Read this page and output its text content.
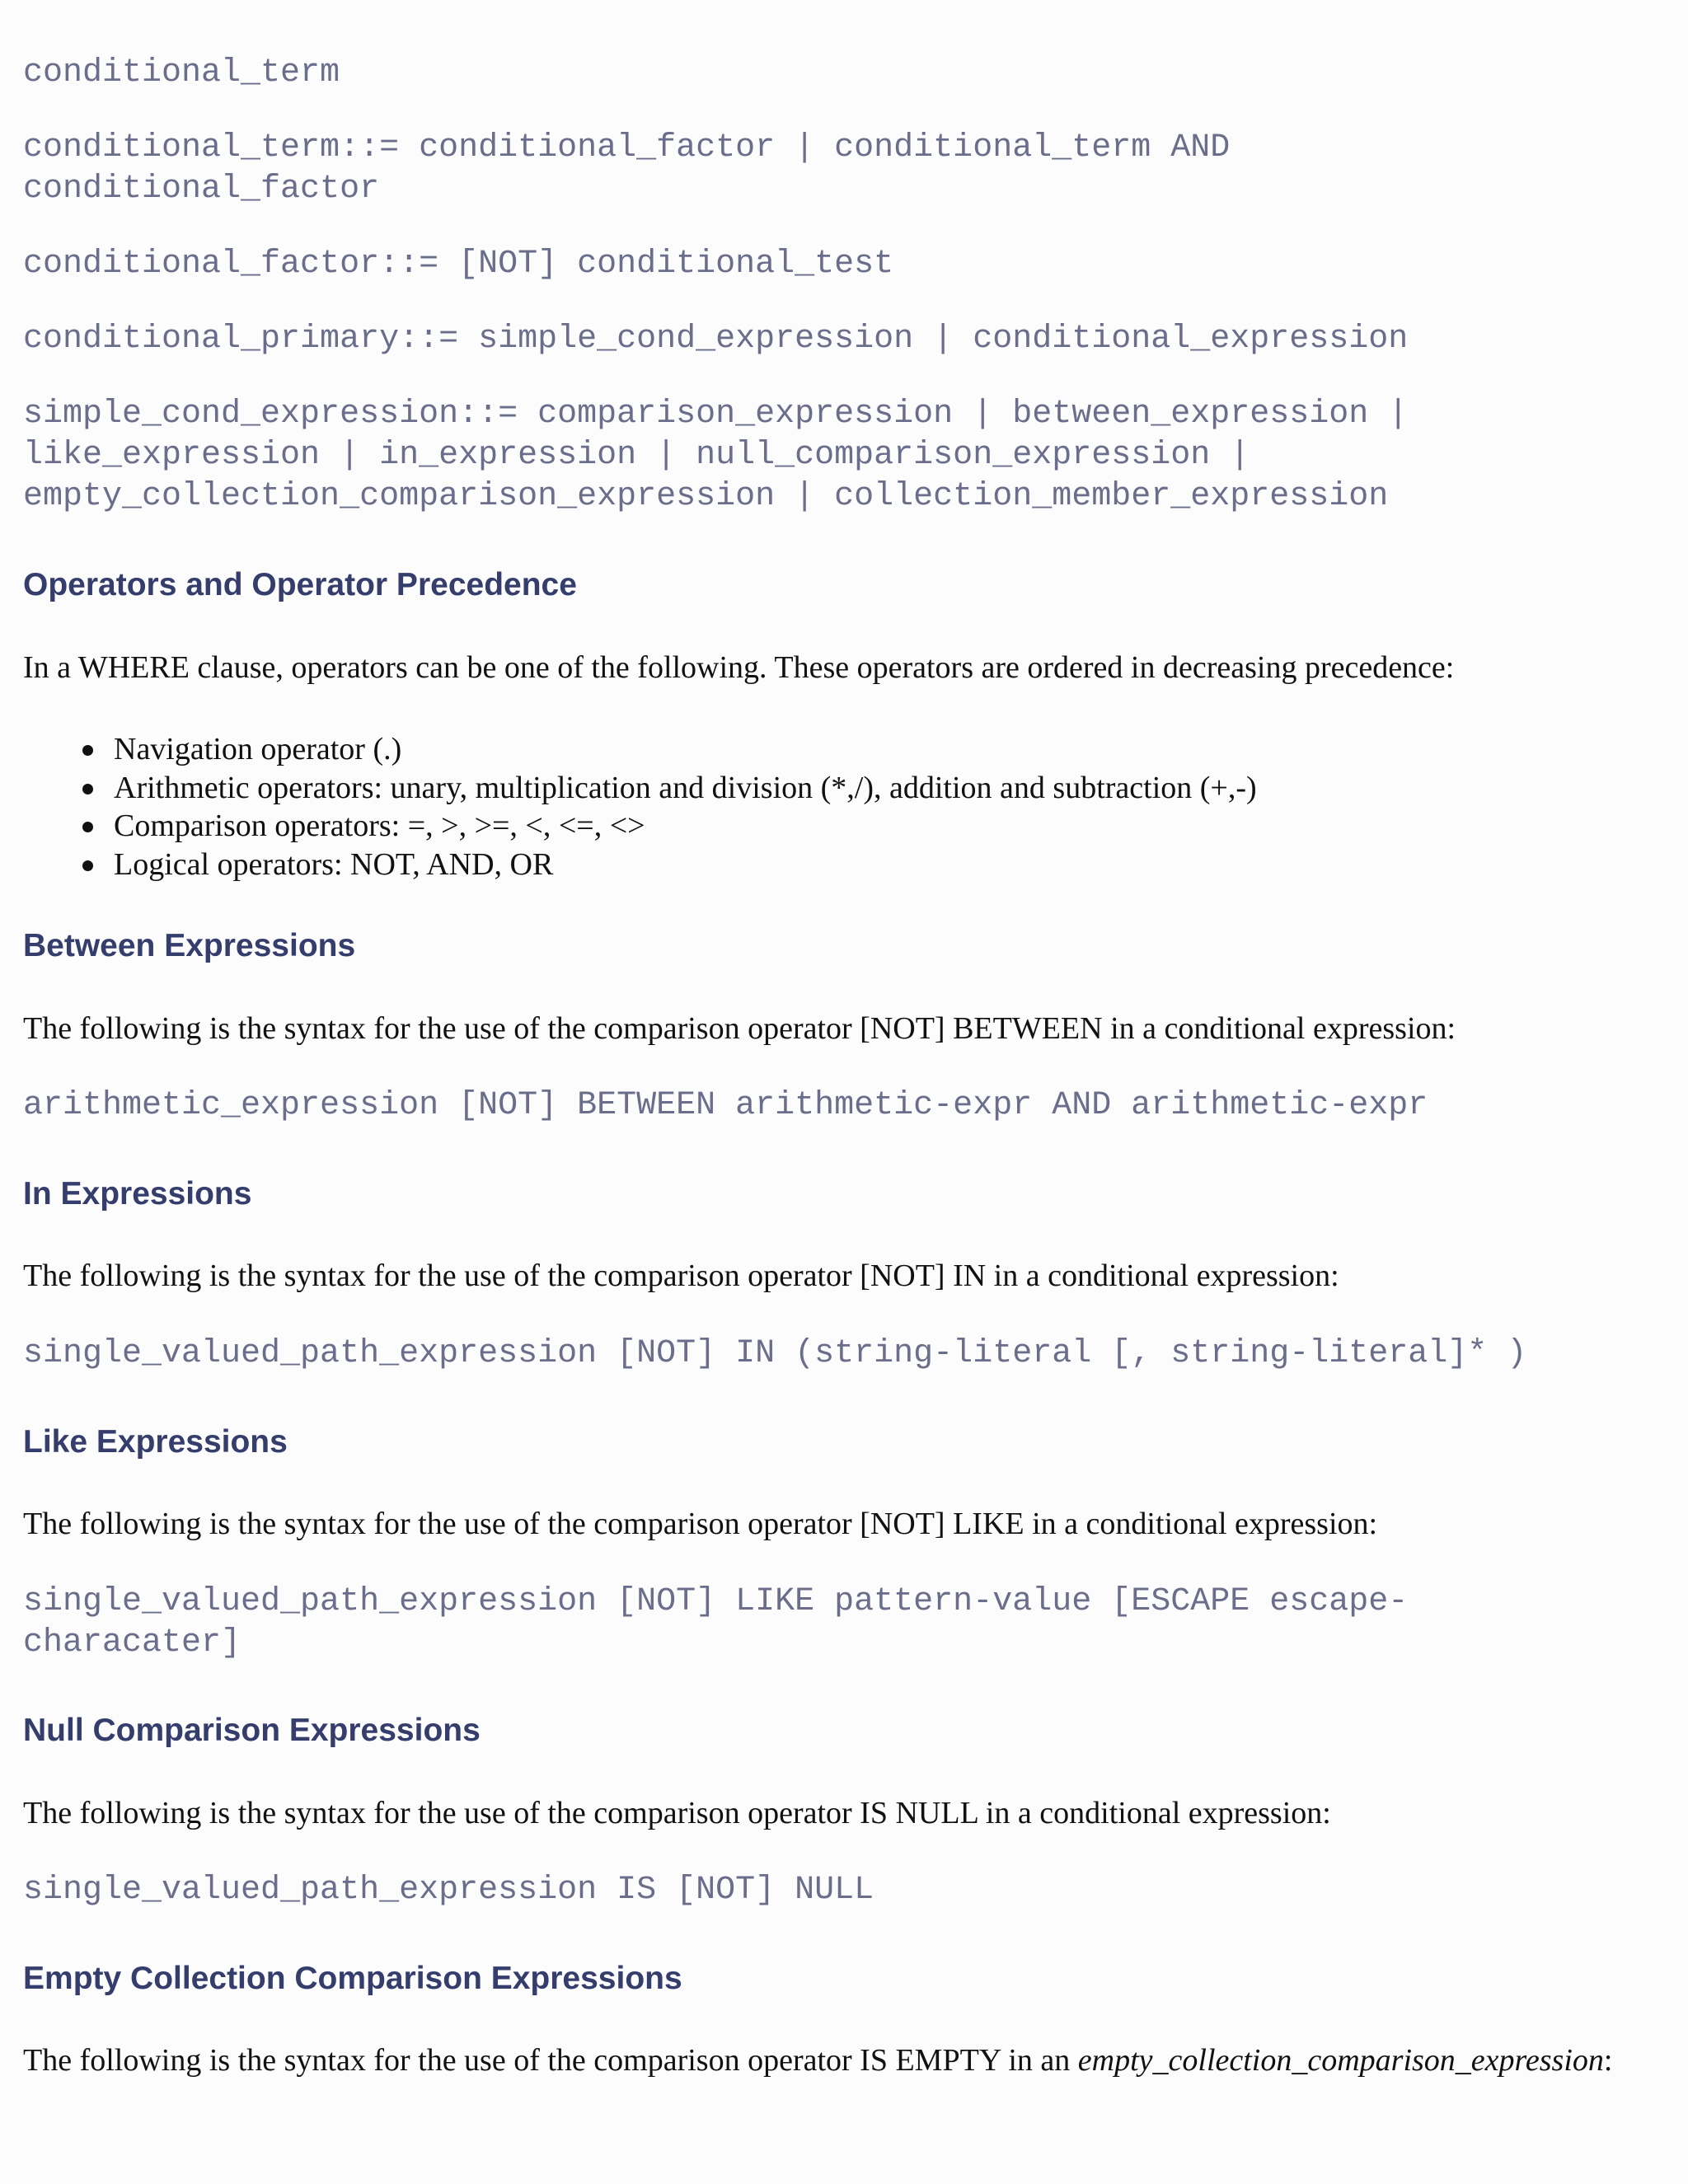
conditional_term
conditional_term::= conditional_factor | conditional_term AND
conditional_factor
conditional_factor::= [NOT] conditional_test
conditional_primary::= simple_cond_expression | conditional_expression
simple_cond_expression::= comparison_expression | between_expression |
like_expression | in_expression | null_comparison_expression |
empty_collection_comparison_expression | collection_member_expression
Operators and Operator Precedence

In a WHERE clause, operators can be one of the following. These operators are ordered in decreasing precedence:

Navigation operator (.)
Arithmetic operators: unary, multiplication and division (*,/), addition and subtraction (+,-)
Comparison operators: =, >, >=, <, <=, <>
Logical operators: NOT, AND, OR
Between Expressions

The following is the syntax for the use of the comparison operator [NOT] BETWEEN in a conditional expression:

arithmetic_expression [NOT] BETWEEN arithmetic-expr AND arithmetic-expr
In Expressions

The following is the syntax for the use of the comparison operator [NOT] IN in a conditional expression:

single_valued_path_expression [NOT] IN (string-literal [, string-literal]* )
Like Expressions

The following is the syntax for the use of the comparison operator [NOT] LIKE in a conditional expression:

single_valued_path_expression [NOT] LIKE pattern-value [ESCAPE escape-
characater]
Null Comparison Expressions

The following is the syntax for the use of the comparison operator IS NULL in a conditional expression:

single_valued_path_expression IS [NOT] NULL
Empty Collection Comparison Expressions

The following is the syntax for the use of the comparison operator IS EMPTY in an empty_collection_comparison_expression:
